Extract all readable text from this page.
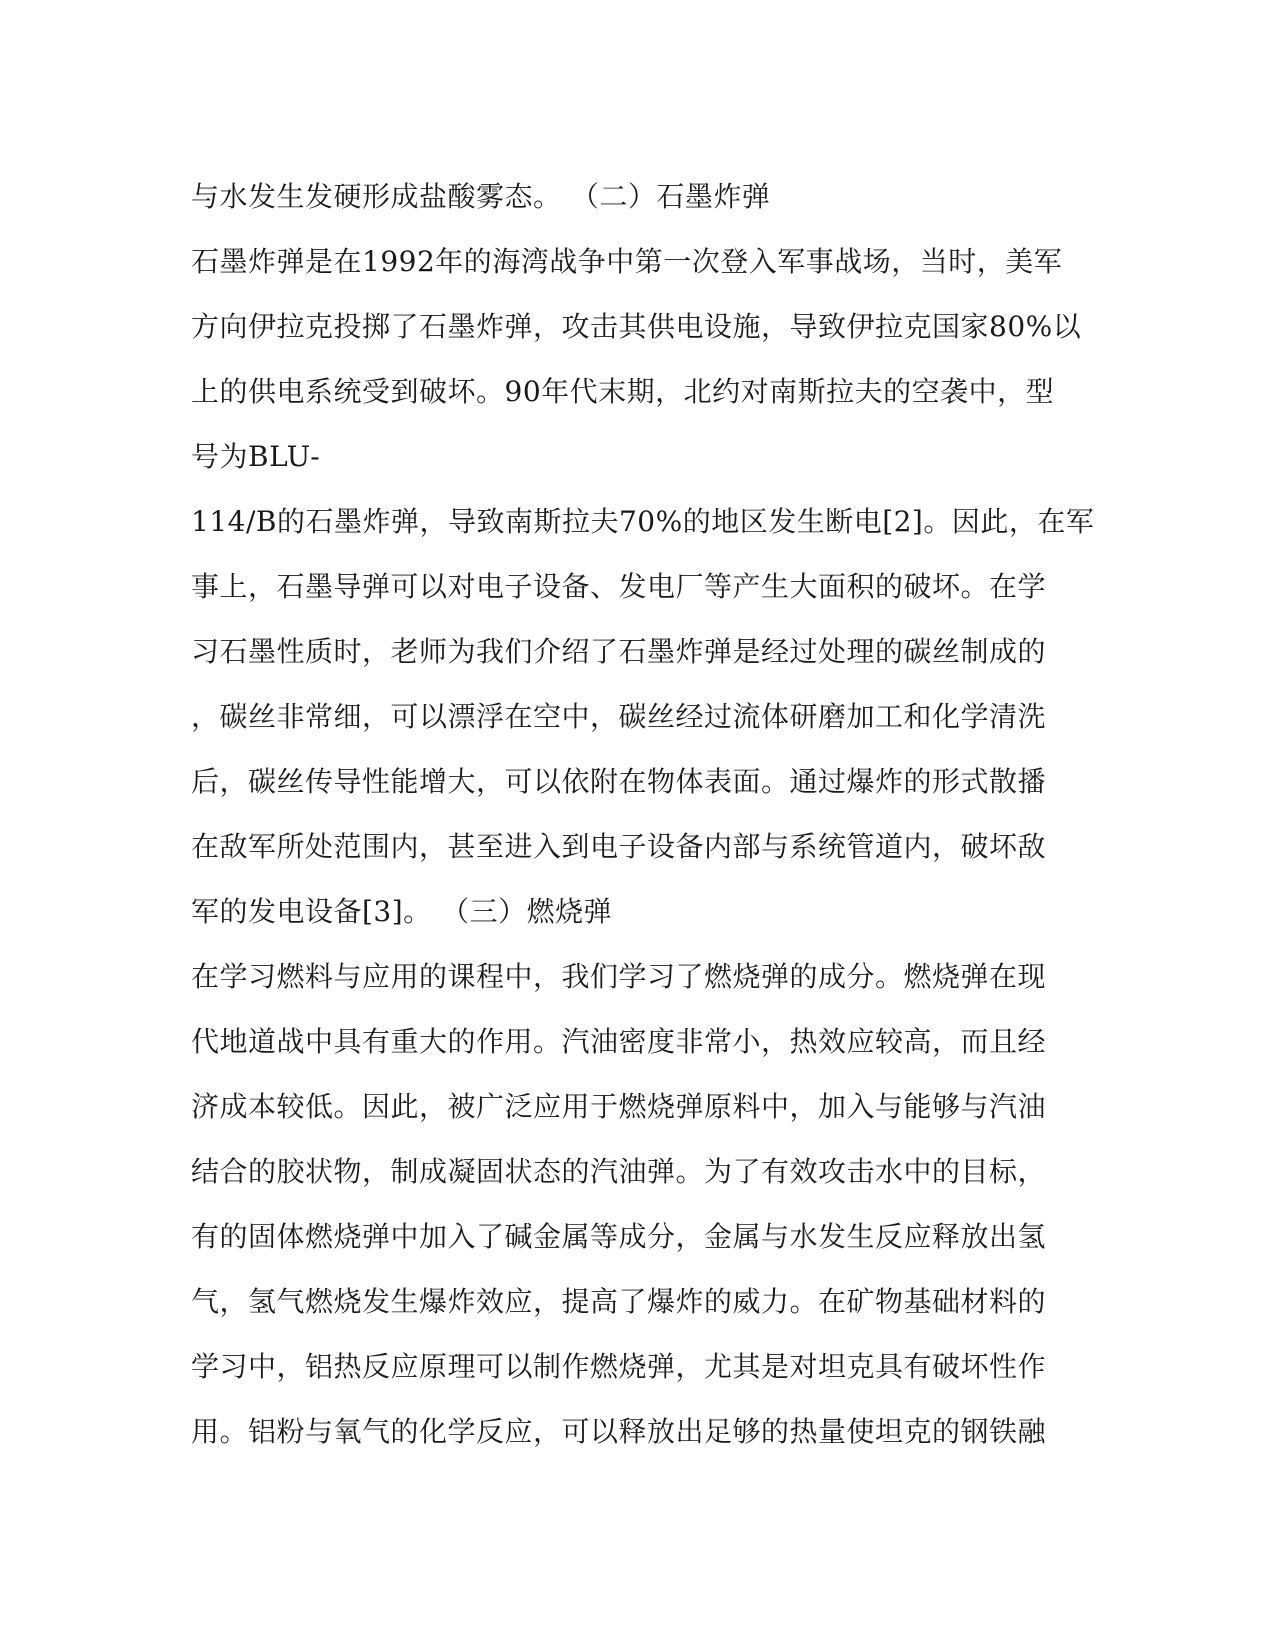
与水发生发硬形成盐酸雾态。 （二）石墨炸弹
石墨炸弹是在1992年的海湾战争中第一次登入军事战场，当时，美军
方向伊拉克投掷了石墨炸弹，攻击其供电设施，导致伊拉克国家80%以
上的供电系统受到破坏。90年代末期，北约对南斯拉夫的空袭中，型
号为BLU-
114/B的石墨炸弹，导致南斯拉夫70%的地区发生断电[2]。因此，在军
事上，石墨导弹可以对电子设备、发电厂等产生大面积的破坏。在学
习石墨性质时，老师为我们介绍了石墨炸弹是经过处理的碳丝制成的
，碳丝非常细，可以漂浮在空中，碳丝经过流体研磨加工和化学清洗
后，碳丝传导性能增大，可以依附在物体表面。通过爆炸的形式散播
在敌军所处范围内，甚至进入到电子设备内部与系统管道内，破坏敌
军的发电设备[3]。 （三）燃烧弹
在学习燃料与应用的课程中，我们学习了燃烧弹的成分。燃烧弹在现
代地道战中具有重大的作用。汽油密度非常小，热效应较高，而且经
济成本较低。因此，被广泛应用于燃烧弹原料中，加入与能够与汽油
结合的胶状物，制成凝固状态的汽油弹。为了有效攻击水中的目标，
有的固体燃烧弹中加入了碱金属等成分，金属与水发生反应释放出氢
气，氢气燃烧发生爆炸效应，提高了爆炸的威力。在矿物基础材料的
学习中，铝热反应原理可以制作燃烧弹，尤其是对坦克具有破坏性作
用。铝粉与氧气的化学反应，可以释放出足够的热量使坦克的钢铁融
